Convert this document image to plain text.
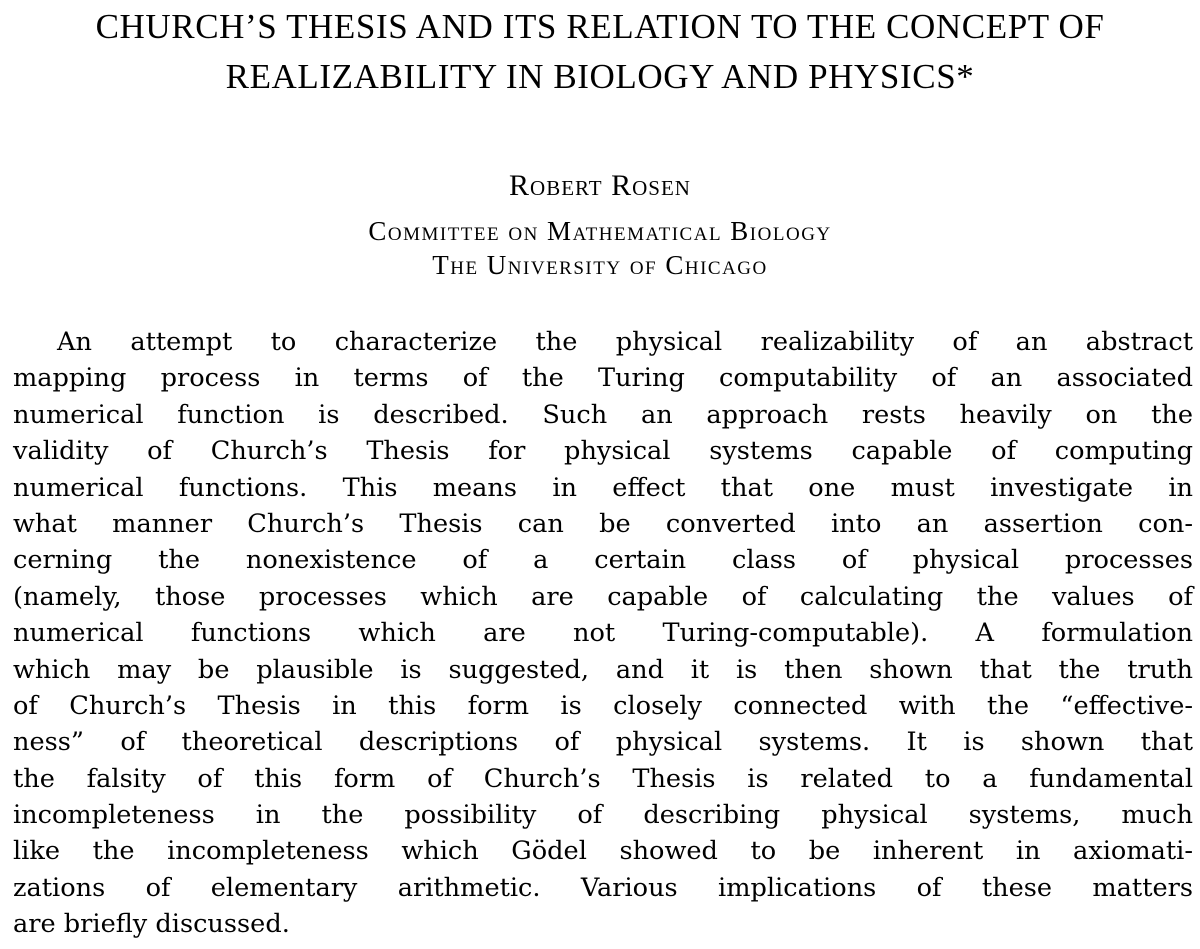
CHURCH’S THESIS AND ITS RELATION TO THE CONCEPT OF
REALIZABILITY IN BIOLOGY AND PHYSICS*
Robert Rosen
Committee on Mathematical Biology
The University of Chicago
An attempt to characterize the physical realizability of an abstract
mapping process in terms of the Turing computability of an associated
numerical function is described. Such an approach rests heavily on the
validity of Church’s Thesis for physical systems capable of computing
numerical functions. This means in effect that one must investigate in
what manner Church’s Thesis can be converted into an assertion con-
cerning the nonexistence of a certain class of physical processes
(namely, those processes which are capable of calculating the values of
numerical functions which are not Turing-computable). A formulation
which may be plausible is suggested, and it is then shown that the truth
of Church’s Thesis in this form is closely connected with the “effective-
ness” of theoretical descriptions of physical systems. It is shown that
the falsity of this form of Church’s Thesis is related to a fundamental
incompleteness in the possibility of describing physical systems, much
like the incompleteness which Gödel showed to be inherent in axiomati-
zations of elementary arithmetic. Various implications of these matters
are briefly discussed.
